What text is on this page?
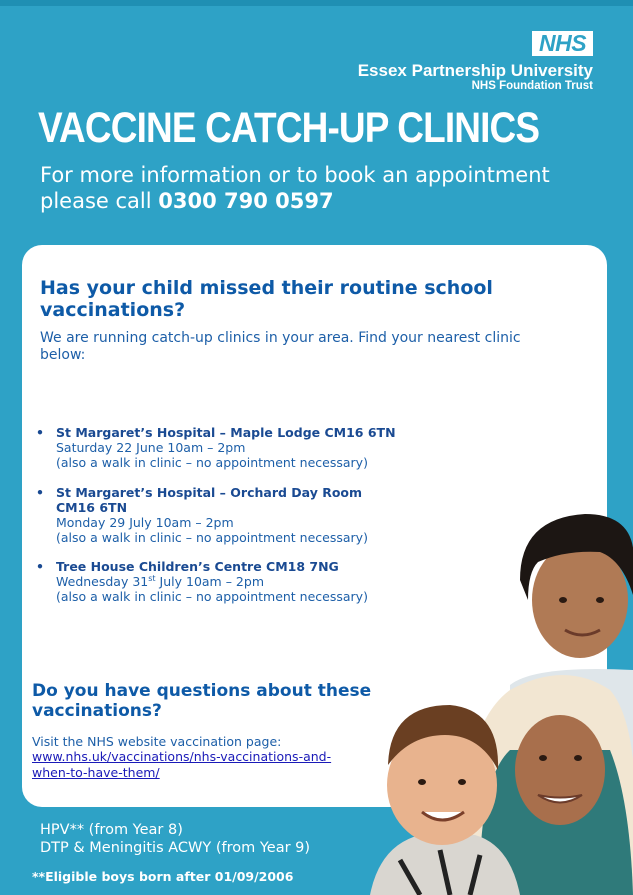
NHS
Essex Partnership University
NHS Foundation Trust
VACCINE CATCH-UP CLINICS
For more information or to book an appointment
please call 0300 790 0597
Has your child missed their routine school vaccinations?
We are running catch-up clinics in your area. Find your nearest clinic below:
• St Margaret’s Hospital – Maple Lodge CM16 6TN
Saturday 22 June 10am – 2pm
(also a walk in clinic – no appointment necessary)
• St Margaret’s Hospital – Orchard Day Room CM16 6TN
Monday 29 July 10am – 2pm
(also a walk in clinic – no appointment necessary)
• Tree House Children’s Centre CM18 7NG
Wednesday 31st July 10am – 2pm
(also a walk in clinic – no appointment necessary)
Do you have questions about these vaccinations?
Visit the NHS website vaccination page:
www.nhs.uk/vaccinations/nhs-vaccinations-and-when-to-have-them/
HPV** (from Year 8)
DTP & Meningitis ACWY (from Year 9)
**Eligible boys born after 01/09/2006
